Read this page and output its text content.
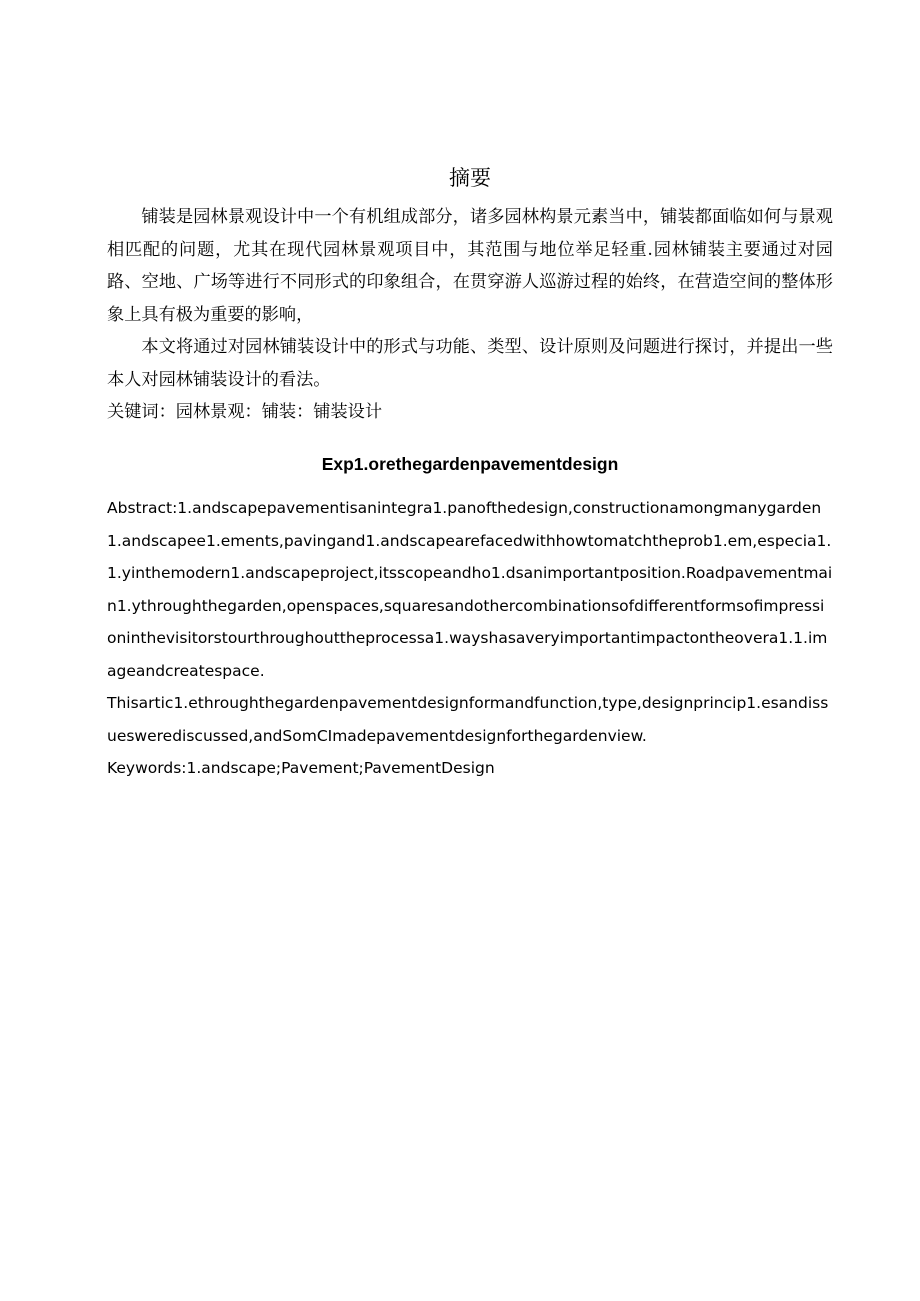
摘要

铺装是园林景观设计中一个有机组成部分，诸多园林构景元素当中，铺装都面临如何与景观相匹配的问题，尤其在现代园林景观项目中，其范围与地位举足轻重.园林铺装主要通过对园路、空地、广场等进行不同形式的印象组合，在贯穿游人巡游过程的始终，在营造空间的整体形象上具有极为重要的影响，

本文将通过对园林铺装设计中的形式与功能、类型、设计原则及问题进行探讨，并提出一些本人对园林铺装设计的看法。

关键词：园林景观：铺装：铺装设计

Exp1.orethegardenpavementdesign

Abstract:1.andscapepavementisanintegra1.panofthedesign,constructionamongmanygarden1.andscapee1.ements,pavingand1.andscapearefacedwithhowtomatchtheprob1.em,especia1.1.yinthemodern1.andscapeproject,itsscopeandho1.dsanimportantposition.Roadpavementmain1.ythroughthegarden,openspaces,squaresandothercombinationsofdifferentformsofimpressioninthevisitorstourthroughouttheprocessa1.wayshasaveryimportantimpactontheovera1.1.imageandcreatespace.

Thisartic1.ethroughthegardenpavementdesignformandfunction,type,designprincip1.esandissueswerediscussed,andSomCImadepavementdesignforthegardenview.

Keywords:1.andscape;Pavement;PavementDesign
